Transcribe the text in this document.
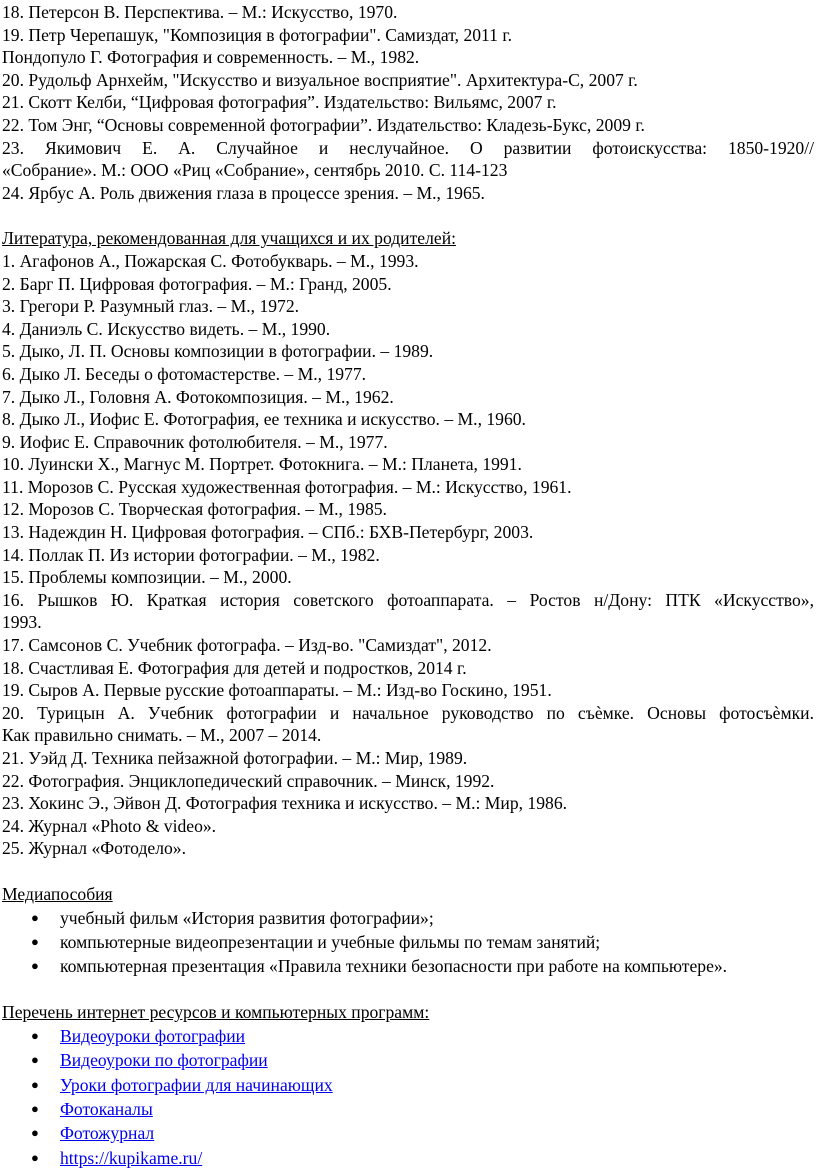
18. Петерсон В. Перспектива. – М.: Искусство, 1970.
19. Петр Черепашук, "Композиция в фотографии". Самиздат, 2011 г.
Пондопуло Г. Фотография и современность. – М., 1982.
20. Рудольф Арнхейм, "Искусство и визуальное восприятие". Архитектура-С, 2007 г.
21. Скотт Келби, “Цифровая фотография”. Издательство: Вильямс, 2007 г.
22. Том Энг, “Основы современной фотографии”. Издательство: Кладезь-Букс, 2009 г.
23. Якимович Е. А. Случайное и неслучайное. О развитии фотоискусства: 1850-1920//
«Собрание». М.: ООО «Риц «Собрание», сентябрь 2010. С. 114-123
24. Ярбус А. Роль движения глаза в процессе зрения. – М., 1965.
Литература, рекомендованная для учащихся и их родителей:
1. Агафонов А., Пожарская С. Фотобукварь. – М., 1993.
2. Барг П. Цифровая фотография. – М.: Гранд, 2005.
3. Грегори Р. Разумный глаз. – М., 1972.
4. Даниэль С. Искусство видеть. – М., 1990.
5. Дыко, Л. П. Основы композиции в фотографии. – 1989.
6. Дыко Л. Беседы о фотомастерстве. – М., 1977.
7. Дыко Л., Головня А. Фотокомпозиция. – М., 1962.
8. Дыко Л., Иофис Е. Фотография, ее техника и искусство. – М., 1960.
9. Иофис Е. Справочник фотолюбителя. – М., 1977.
10. Луински Х., Магнус М. Портрет. Фотокнига. – М.: Планета, 1991.
11. Морозов С. Русская художественная фотография. – М.: Искусство, 1961.
12. Морозов С. Творческая фотография. – М., 1985.
13. Надеждин Н. Цифровая фотография. – СПб.: БХВ-Петербург, 2003.
14. Поллак П. Из истории фотографии. – М., 1982.
15. Проблемы композиции. – М., 2000.
16. Рышков Ю. Краткая история советского фотоаппарата. – Ростов н/Дону: ПТК «Искусство»,
1993.
17. Самсонов С. Учебник фотографа. – Изд-во. "Самиздат", 2012.
18. Счастливая Е. Фотография для детей и подростков, 2014 г.
19. Сыров А. Первые русские фотоаппараты. – М.: Изд-во Госкино, 1951.
20. Турицын А. Учебник фотографии и начальное руководство по съѐмке. Основы фотосъѐмки.
Как правильно снимать. – М., 2007 – 2014.
21. Уэйд Д. Техника пейзажной фотографии. – М.: Мир, 1989.
22. Фотография. Энциклопедический справочник. – Минск, 1992.
23. Хокинс Э., Эйвон Д. Фотография техника и искусство. – М.: Мир, 1986.
24. Журнал «Photo & video».
25. Журнал «Фотодело».
Медиапособия
● учебный фильм «История развития фотографии»;
● компьютерные видеопрезентации и учебные фильмы по темам занятий;
● компьютерная презентация «Правила техники безопасности при работе на компьютере».
Перечень интернет ресурсов и компьютерных программ:
● Видеоуроки фотографии
● Видеоуроки по фотографии
● Уроки фотографии для начинающих
● Фотоканалы
● Фотожурнал
● https://kupikame.ru/
